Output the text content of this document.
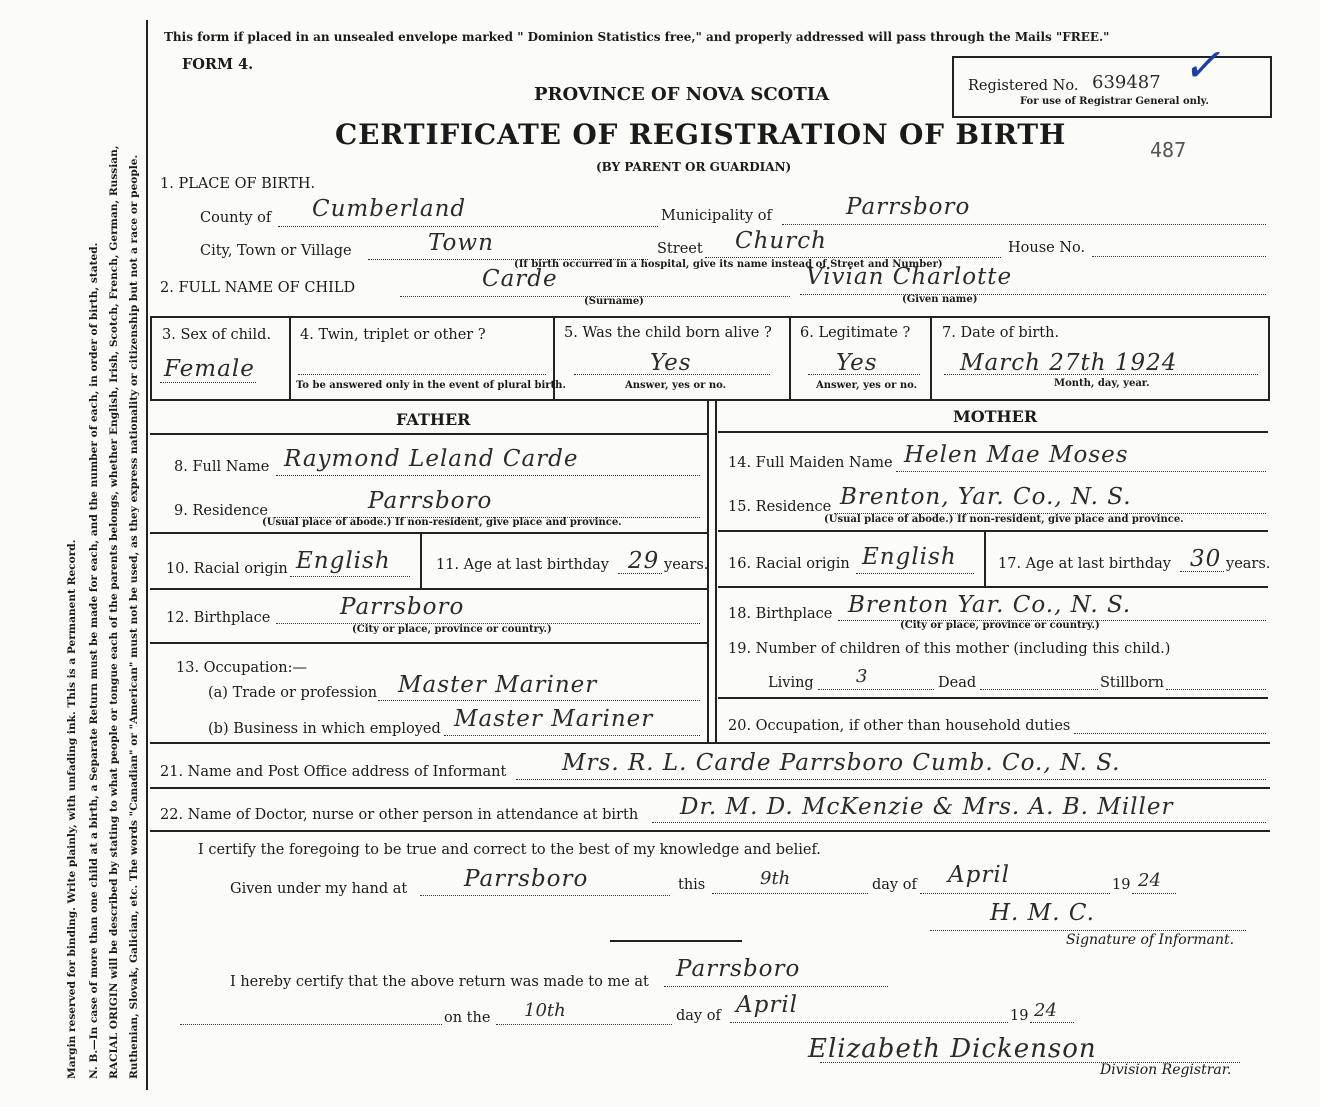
Margin reserved for binding. Write plainly, with unfading ink. This is a Permanent Record. N. B.—In case of more than one child at a birth, a Separate Return must be made for each, and the number of each, in order of birth, stated. RACIAL ORIGIN will be described by stating to what people or tongue each of the parents belongs, whether English, Irish, Scotch, French, German, Russian, Ruthenian, Slovak, Galician, etc. The words "Canadian" or "American" must not be used, as they express nationality or citizenship but not a race or people.
This form if placed in an unsealed envelope marked " Dominion Statistics free," and properly addressed will pass through the Mails "FREE."
FORM 4.
PROVINCE OF NOVA SCOTIA
CERTIFICATE OF REGISTRATION OF BIRTH
(BY PARENT OR GUARDIAN)
Registered No. 639487 ✓
For use of Registrar General only.
487
1. PLACE OF BIRTH.
County of Cumberland	Municipality of	Parrsboro
City, Town or Village	Town	Street Church	House No.
(If birth occurred in a hospital, give its name instead of Street and Number)
2. FULL NAME OF CHILD	Carde
(Surname)
Vivian Charlotte
(Given name)
3. Sex of child.
Female
4. Twin, triplet or other ?
To be answered only in the event of plural birth.
5. Was the child born alive ?
Yes
Answer, yes or no.
6. Legitimate ?
Yes
Answer, yes or no.
7. Date of birth.
March 27th 1924
Month, day, year.
FATHER	MOTHER
8. Full Name Raymond Leland Carde
9. Residence	Parrsboro
(Usual place of abode.) If non-resident, give place and province.
10. Racial origin English	11. Age at last birthday 29 years.
12. Birthplace	Parrsboro
(City or place, province or country.)
13. Occupation:—
(a) Trade or profession Master Mariner
(b) Business in which employed Master Mariner
14. Full Maiden Name Helen Mae Moses
15. Residence Brenton, Yar. Co., N. S.
(Usual place of abode.) If non-resident, give place and province.
16. Racial origin English	17. Age at last birthday 30 years.
18. Birthplace Brenton Yar. Co., N. S.
(City or place, province or country.)
19. Number of children of this mother (including this child.)
Living 3	Dead	Stillborn
20. Occupation, if other than household duties
21. Name and Post Office address of Informant Mrs. R. L. Carde Parrsboro Cumb. Co., N. S.
22. Name of Doctor, nurse or other person in attendance at birth Dr. M. D. McKenzie & Mrs. A. B. Miller
I certify the foregoing to be true and correct to the best of my knowledge and belief.
Given under my hand at Parrsboro	this	9th	day of April	19 24
H. M. C.
Signature of Informant.
I hereby certify that the above return was made to me at Parrsboro
on the 10th	day of April	19 24
Elizabeth Dickenson
Division Registrar.
